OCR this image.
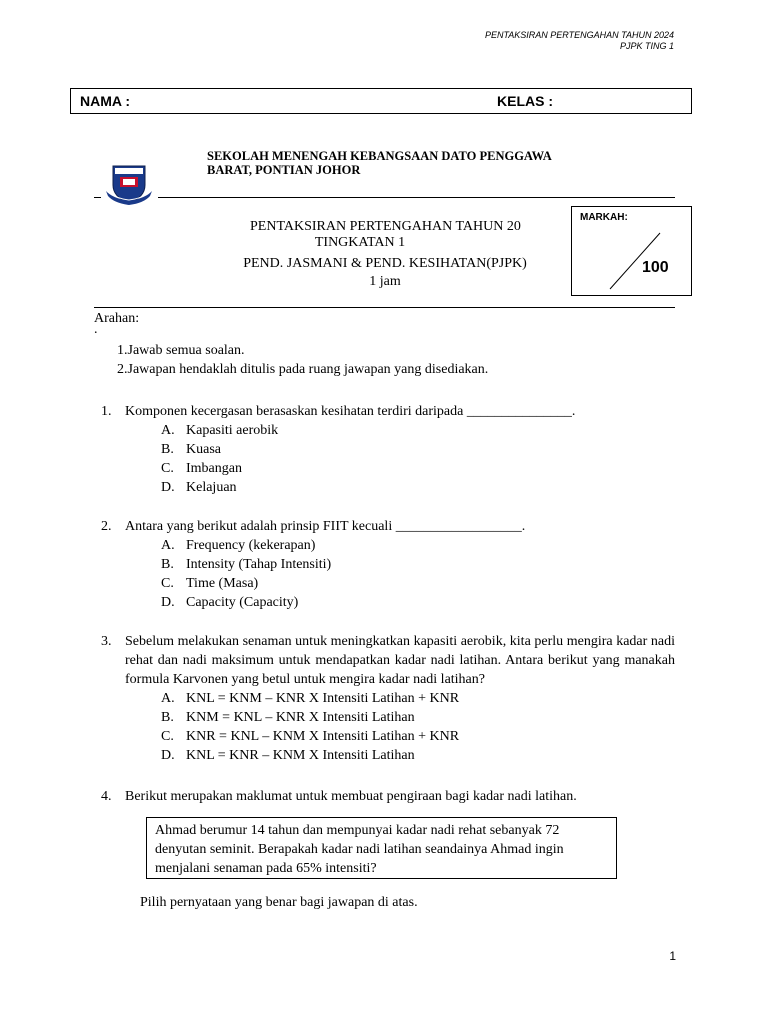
PENTAKSIRAN PERTENGAHAN TAHUN 2024
PJPK TING 1
NAMA :	KELAS :
SEKOLAH MENENGAH KEBANGSAAN DATO PENGGAWA BARAT, PONTIAN JOHOR
PENTAKSIRAN PERTENGAHAN TAHUN 20
TINGKATAN 1
PEND. JASMANI & PEND. KESIHATAN(PJPK)
1 jam
MARKAH:
100
Arahan:
.
1.Jawab semua soalan.
2.Jawapan hendaklah ditulis pada ruang jawapan yang disediakan.
1. Komponen kecergasan berasaskan kesihatan terdiri daripada _______________.
A. Kapasiti aerobik
B. Kuasa
C. Imbangan
D. Kelajuan
2. Antara yang berikut adalah prinsip FIIT kecuali __________________.
A. Frequency (kekerapan)
B. Intensity (Tahap Intensiti)
C. Time (Masa)
D. Capacity (Capacity)
3. Sebelum melakukan senaman untuk meningkatkan kapasiti aerobik, kita perlu mengira kadar nadi rehat dan nadi maksimum untuk mendapatkan kadar nadi latihan. Antara berikut yang manakah formula Karvonen yang betul untuk mengira kadar nadi latihan?
A. KNL = KNM – KNR X Intensiti Latihan + KNR
B. KNM = KNL – KNR X Intensiti Latihan
C. KNR = KNL – KNM X Intensiti Latihan + KNR
D. KNL = KNR – KNM X Intensiti Latihan
4. Berikut merupakan maklumat untuk membuat pengiraan bagi kadar nadi latihan.
Ahmad berumur 14 tahun dan mempunyai kadar nadi rehat sebanyak 72 denyutan seminit. Berapakah kadar nadi latihan seandainya Ahmad ingin menjalani senaman pada 65% intensiti?
Pilih pernyataan yang benar bagi jawapan di atas.
1
